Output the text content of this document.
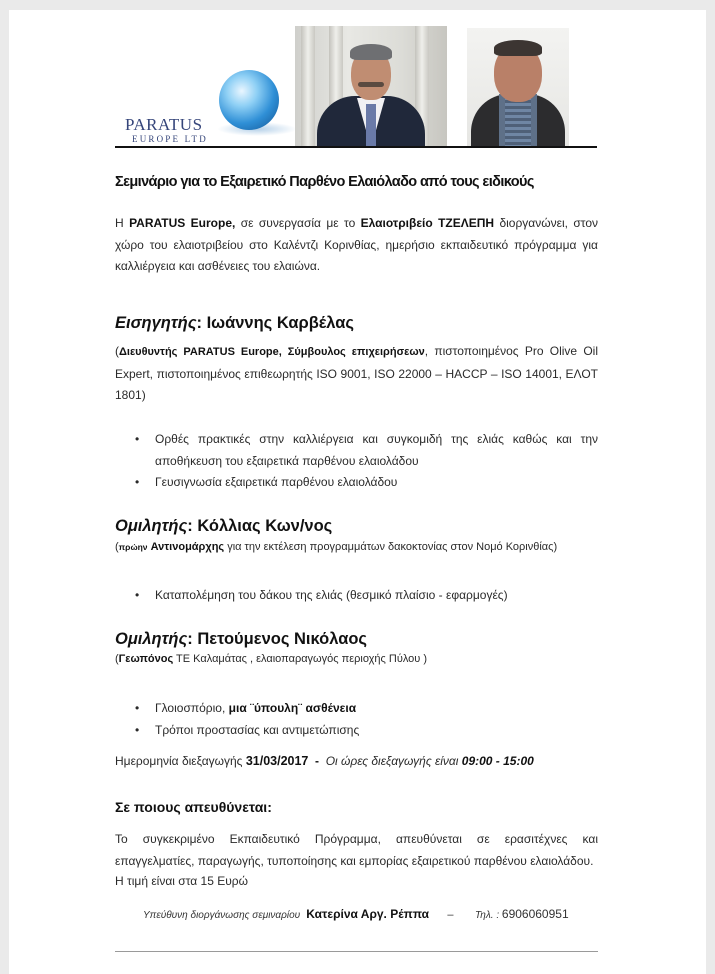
PARATUS
EUROPE LTD
Σεμινάριο για το Εξαιρετικό Παρθένο Ελαιόλαδο από τους ειδικούς
Η PARATUS Europe, σε συνεργασία με το Ελαιοτριβείο ΤΖΕΛΕΠΗ διοργανώνει, στον χώρο του ελαιοτριβείου στο Καλέντζι Κορινθίας, ημερήσιο εκπαιδευτικό πρόγραμμα για καλλιέργεια και ασθένειες του ελαιώνα.
Εισηγητής: Ιωάννης Καρβέλας
(Διευθυντής PARATUS Europe, Σύμβουλος επιχειρήσεων, πιστοποιημένος Pro Olive Oil Expert, πιστοποιημένος επιθεωρητής ISO 9001, ISO 22000 – HACCP – ISO 14001, ΕΛΟΤ 1801)
•	Ορθές πρακτικές στην καλλιέργεια και συγκομιδή της ελιάς καθώς και την αποθήκευση του εξαιρετικά παρθένου ελαιολάδου
•	Γευσιγνωσία εξαιρετικά παρθένου ελαιολάδου
Ομιλητής: Κόλλιας Κων/νος
(πρώην Αντινομάρχης για την εκτέλεση προγραμμάτων δακοκτονίας στον Νομό Κορινθίας)
•	Καταπολέμηση του δάκου της ελιάς (θεσμικό πλαίσιο - εφαρμογές)
Ομιλητής: Πετούμενος Νικόλαος
(Γεωπόνος ΤΕ Καλαμάτας , ελαιοπαραγωγός περιοχής Πύλου )
•	Γλοιοσπόριο, μια ¨ύπουλη¨ ασθένεια
•	Τρόποι προστασίας και αντιμετώπισης
Ημερομηνία διεξαγωγής 31/03/2017  -  Οι ώρες διεξαγωγής είναι 09:00 - 15:00
Σε ποιους απευθύνεται:
Το συγκεκριμένο Εκπαιδευτικό Πρόγραμμα, απευθύνεται σε ερασιτέχνες και επαγγελματίες, παραγωγής, τυποποίησης και εμπορίας εξαιρετικού παρθένου ελαιολάδου.
Η τιμή είναι στα 15 Ευρώ
Υπεύθυνη διοργάνωσης σεμιναρίου Κατερίνα Αργ. Ρέππα – Τηλ. : 6906060951
